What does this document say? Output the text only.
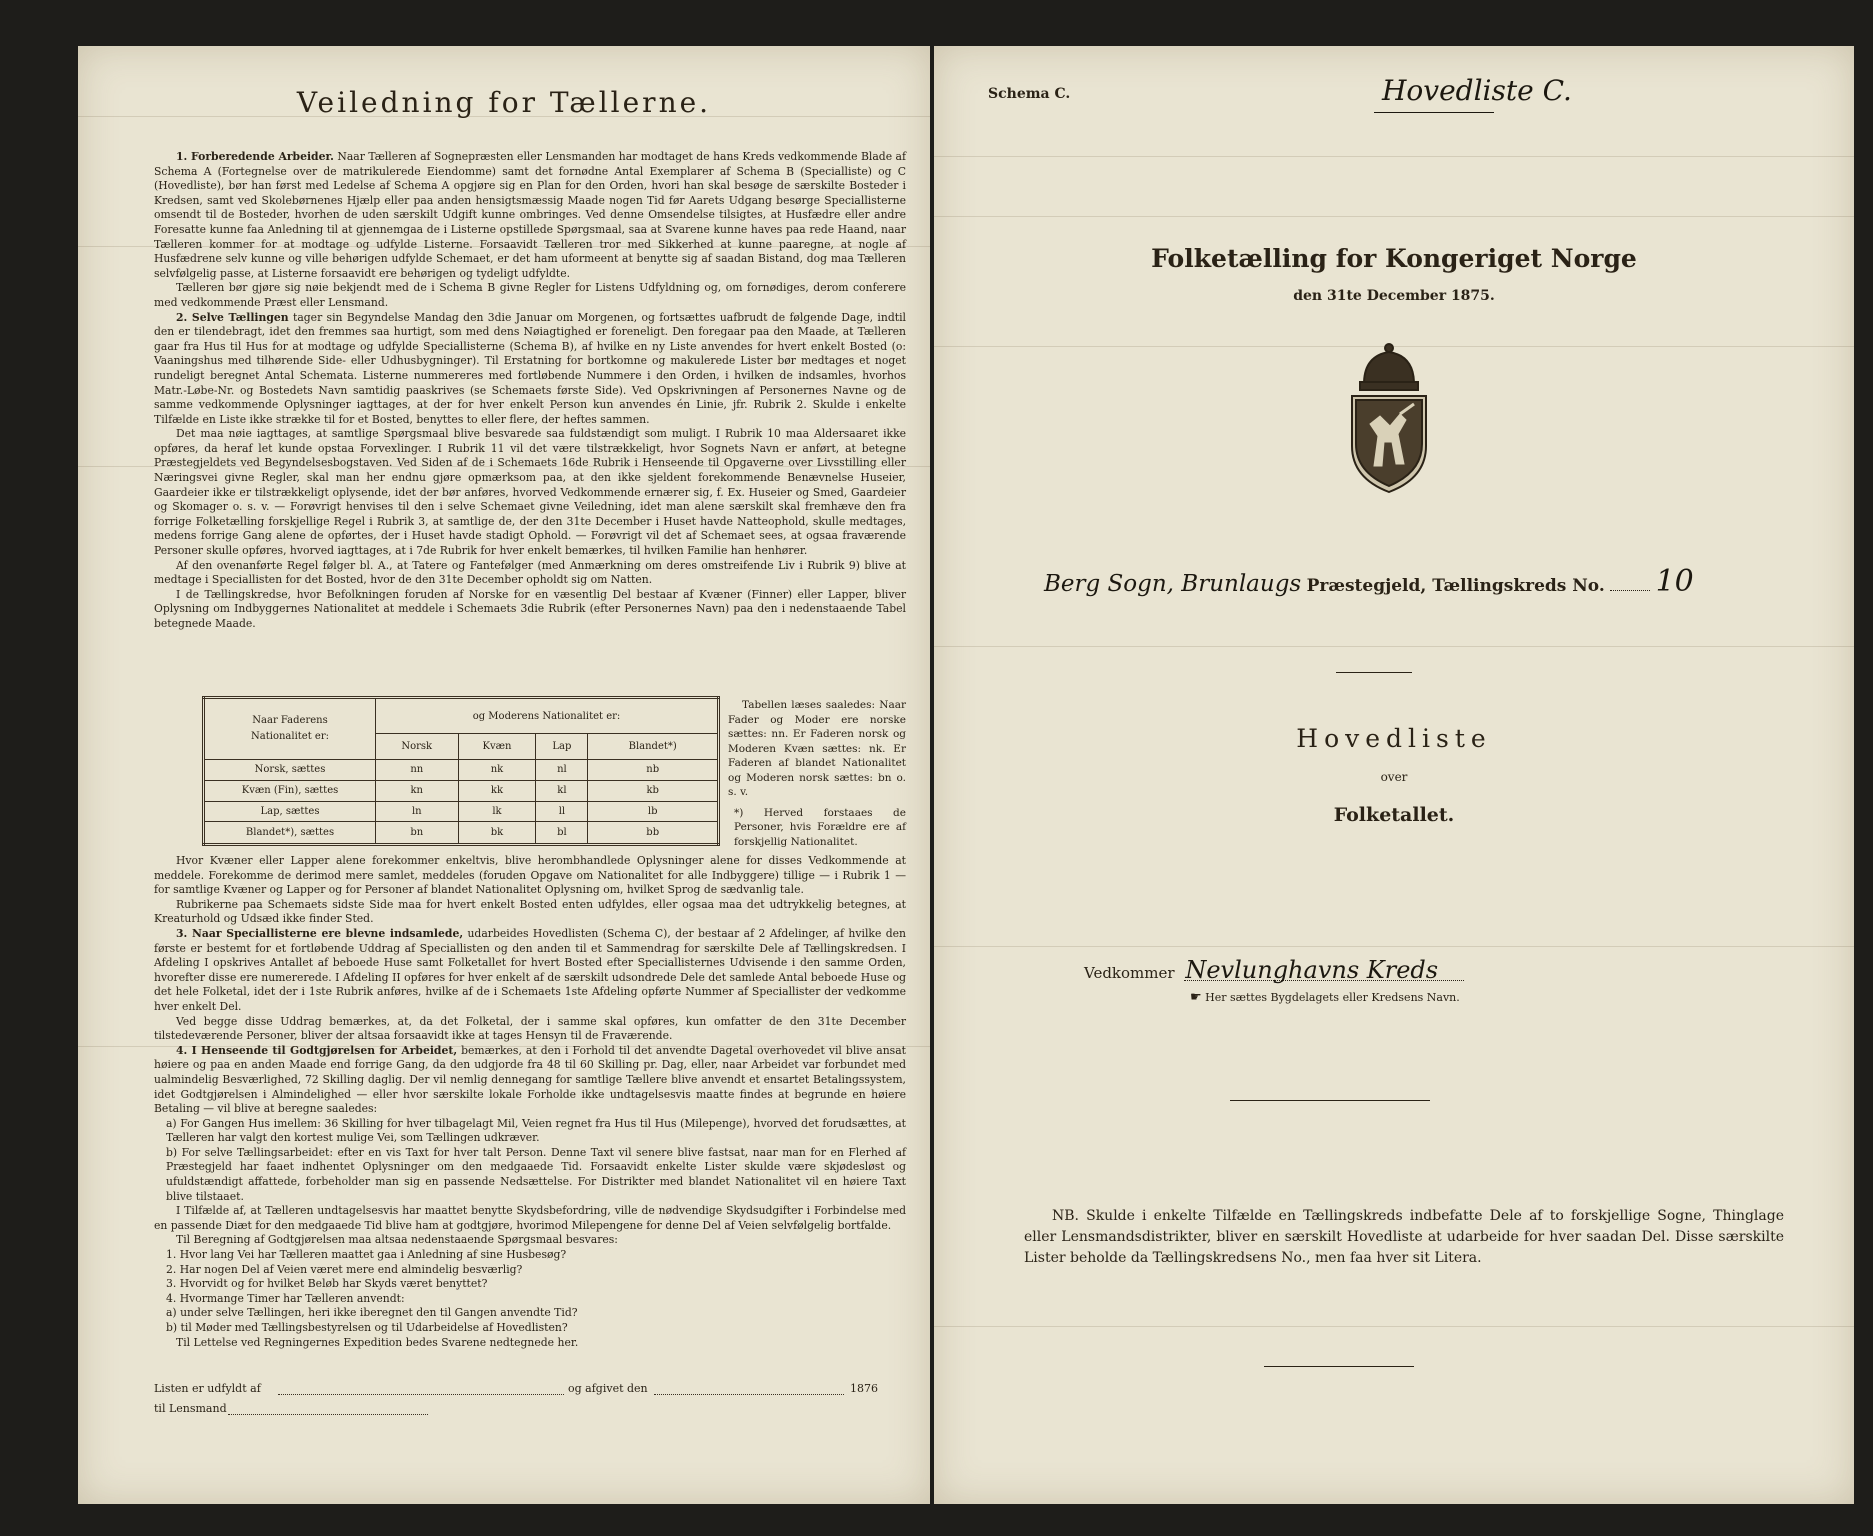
Veiledning for Tællerne.

1. Forberedende Arbeider. Naar Tælleren af Sognepræsten eller Lensmanden har modtaget de hans Kreds vedkommende Blade af Schema A (Fortegnelse over de matrikulerede Eiendomme) samt det fornødne Antal Exemplarer af Schema B (Specialliste) og C (Hovedliste), bør han først med Ledelse af Schema A opgjøre sig en Plan for den Orden, hvori han skal besøge de særskilte Bosteder i Kredsen, samt ved Skolebørnenes Hjælp eller paa anden hensigtsmæssig Maade nogen Tid før Aarets Udgang besørge Speciallisterne omsendt til de Bosteder, hvorhen de uden særskilt Udgift kunne ombringes. Ved denne Omsendelse tilsigtes, at Husfædre eller andre Foresatte kunne faa Anledning til at gjennemgaa de i Listerne opstillede Spørgsmaal, saa at Svarene kunne haves paa rede Haand, naar Tælleren kommer for at modtage og udfylde Listerne. Forsaavidt Tælleren tror med Sikkerhed at kunne paaregne, at nogle af Husfædrene selv kunne og ville behørigen udfylde Schemaet, er det ham uformeent at benytte sig af saadan Bistand, dog maa Tælleren selvfølgelig passe, at Listerne forsaavidt ere behørigen og tydeligt udfyldte.

Tælleren bør gjøre sig nøie bekjendt med de i Schema B givne Regler for Listens Udfyldning og, om fornødiges, derom conferere med vedkommende Præst eller Lensmand.

2. Selve Tællingen tager sin Begyndelse Mandag den 3die Januar om Morgenen, og fortsættes uafbrudt de følgende Dage, indtil den er tilendebragt, idet den fremmes saa hurtigt, som med dens Nøiagtighed er foreneligt. Den foregaar paa den Maade, at Tælleren gaar fra Hus til Hus for at modtage og udfylde Speciallisterne (Schema B), af hvilke en ny Liste anvendes for hvert enkelt Bosted (o: Vaaningshus med tilhørende Side- eller Udhusbygninger). Til Erstatning for bortkomne og makulerede Lister bør medtages et noget rundeligt beregnet Antal Schemata. Listerne nummereres med fortløbende Nummere i den Orden, i hvilken de indsamles, hvorhos Matr.-Løbe-Nr. og Bostedets Navn samtidig paaskrives (se Schemaets første Side). Ved Opskrivningen af Personernes Navne og de samme vedkommende Oplysninger iagttages, at der for hver enkelt Person kun anvendes én Linie, jfr. Rubrik 2. Skulde i enkelte Tilfælde en Liste ikke strække til for et Bosted, benyttes to eller flere, der heftes sammen.

Det maa nøie iagttages, at samtlige Spørgsmaal blive besvarede saa fuldstændigt som muligt. I Rubrik 10 maa Aldersaaret ikke opføres, da heraf let kunde opstaa Forvexlinger. I Rubrik 11 vil det være tilstrækkeligt, hvor Sognets Navn er anført, at betegne Præstegjeldets ved Begyndelsesbogstaven. Ved Siden af de i Schemaets 16de Rubrik i Henseende til Opgaverne over Livsstilling eller Næringsvei givne Regler, skal man her endnu gjøre opmærksom paa, at den ikke sjeldent forekommende Benævnelse Huseier, Gaardeier ikke er tilstrækkeligt oplysende, idet der bør anføres, hvorved Vedkommende ernærer sig, f. Ex. Huseier og Smed, Gaardeier og Skomager o. s. v. — Forøvrigt henvises til den i selve Schemaet givne Veiledning, idet man alene særskilt skal fremhæve den fra forrige Folketælling forskjellige Regel i Rubrik 3, at samtlige de, der den 31te December i Huset havde Natteophold, skulle medtages, medens forrige Gang alene de opførtes, der i Huset havde stadigt Ophold. — Forøvrigt vil det af Schemaet sees, at ogsaa fraværende Personer skulle opføres, hvorved iagttages, at i 7de Rubrik for hver enkelt bemærkes, til hvilken Familie han henhører.

Af den ovenanførte Regel følger bl. A., at Tatere og Fantefølger (med Anmærkning om deres omstreifende Liv i Rubrik 9) blive at medtage i Speciallisten for det Bosted, hvor de den 31te December opholdt sig om Natten.

I de Tællingskredse, hvor Befolkningen foruden af Norske for en væsentlig Del bestaar af Kvæner (Finner) eller Lapper, bliver Oplysning om Indbyggernes Nationalitet at meddele i Schemaets 3die Rubrik (efter Personernes Navn) paa den i nedenstaaende Tabel betegnede Maade.

Naar Faderens
Nationalitet er:	og Moderens Nationalitet er:			
	Norsk	Kvæn	Lap	Blandet*)
Norsk, sættes	nn	nk	nl	nb
Kvæn (Fin), sættes	kn	kk	kl	kb
Lap, sættes	ln	lk	ll	lb
Blandet*), sættes	bn	bk	bl	bb
Tabellen læses saaledes: Naar Fader og Moder ere norske sættes: nn. Er Faderen norsk og Moderen Kvæn sættes: nk. Er Faderen af blandet Nationalitet og Moderen norsk sættes: bn o. s. v.
*) Herved forstaaes de Personer, hvis Forældre ere af forskjellig Nationalitet.

Hvor Kvæner eller Lapper alene forekommer enkeltvis, blive herombhandlede Oplysninger alene for disses Vedkommende at meddele. Forekomme de derimod mere samlet, meddeles (foruden Opgave om Nationalitet for alle Indbyggere) tillige — i Rubrik 1 — for samtlige Kvæner og Lapper og for Personer af blandet Nationalitet Oplysning om, hvilket Sprog de sædvanlig tale.

Rubrikerne paa Schemaets sidste Side maa for hvert enkelt Bosted enten udfyldes, eller ogsaa maa det udtrykkelig betegnes, at Kreaturhold og Udsæd ikke finder Sted.

3. Naar Speciallisterne ere blevne indsamlede, udarbeides Hovedlisten (Schema C), der bestaar af 2 Afdelinger, af hvilke den første er bestemt for et fortløbende Uddrag af Speciallisten og den anden til et Sammendrag for særskilte Dele af Tællingskredsen. I Afdeling I opskrives Antallet af beboede Huse samt Folketallet for hvert Bosted efter Speciallisternes Udvisende i den samme Orden, hvorefter disse ere numererede. I Afdeling II opføres for hver enkelt af de særskilt udsondrede Dele det samlede Antal beboede Huse og det hele Folketal, idet der i 1ste Rubrik anføres, hvilke af de i Schemaets 1ste Afdeling opførte Nummer af Speciallister der vedkomme hver enkelt Del.

Ved begge disse Uddrag bemærkes, at, da det Folketal, der i samme skal opføres, kun omfatter de den 31te December tilstedeværende Personer, bliver der altsaa forsaavidt ikke at tages Hensyn til de Fraværende.

4. I Henseende til Godtgjørelsen for Arbeidet, bemærkes, at den i Forhold til det anvendte Dagetal overhovedet vil blive ansat høiere og paa en anden Maade end forrige Gang, da den udgjorde fra 48 til 60 Skilling pr. Dag, eller, naar Arbeidet var forbundet med ualmindelig Besværlighed, 72 Skilling daglig. Der vil nemlig dennegang for samtlige Tællere blive anvendt et ensartet Betalingssystem, idet Godtgjørelsen i Almindelighed — eller hvor særskilte lokale Forholde ikke undtagelsesvis maatte findes at begrunde en høiere Betaling — vil blive at beregne saaledes:

a) For Gangen Hus imellem: 36 Skilling for hver tilbagelagt Mil, Veien regnet fra Hus til Hus (Milepenge), hvorved det forudsættes, at Tælleren har valgt den kortest mulige Vei, som Tællingen udkræver.

b) For selve Tællingsarbeidet: efter en vis Taxt for hver talt Person. Denne Taxt vil senere blive fastsat, naar man for en Flerhed af Præstegjeld har faaet indhentet Oplysninger om den medgaaede Tid. Forsaavidt enkelte Lister skulde være skjødesløst og ufuldstændigt affattede, forbeholder man sig en passende Nedsættelse. For Distrikter med blandet Nationalitet vil en høiere Taxt blive tilstaaet.

I Tilfælde af, at Tælleren undtagelsesvis har maattet benytte Skydsbefordring, ville de nødvendige Skydsudgifter i Forbindelse med en passende Diæt for den medgaaede Tid blive ham at godtgjøre, hvorimod Milepengene for denne Del af Veien selvfølgelig bortfalde.

Til Beregning af Godtgjørelsen maa altsaa nedenstaaende Spørgsmaal besvares:

1. Hvor lang Vei har Tælleren maattet gaa i Anledning af sine Husbesøg?

2. Har nogen Del af Veien været mere end almindelig besværlig?

3. Hvorvidt og for hvilket Beløb har Skyds været benyttet?

4. Hvormange Timer har Tælleren anvendt:

a) under selve Tællingen, heri ikke iberegnet den til Gangen anvendte Tid?

b) til Møder med Tællingsbestyrelsen og til Udarbeidelse af Hovedlisten?

Til Lettelse ved Regningernes Expedition bedes Svarene nedtegnede her.

Listen er udfyldt af	og afgivet den	1876
til Lensmand
Schema C.	Hovedliste C.
Folketælling for Kongeriget Norge
den 31te December 1875.
Berg Sogn, Brunlaugs Præstegjeld, Tællingskreds No. 10
Hovedliste
over
Folketallet.
Vedkommer Nevlunghavns Kreds
☛ Her sættes Bygdelagets eller Kredsens Navn.

NB. Skulde i enkelte Tilfælde en Tællingskreds indbefatte Dele af to forskjellige Sogne, Thinglage eller Lensmandsdistrikter, bliver en særskilt Hovedliste at udarbeide for hver saadan Del. Disse særskilte Lister beholde da Tællingskredsens No., men faa hver sit Litera.
